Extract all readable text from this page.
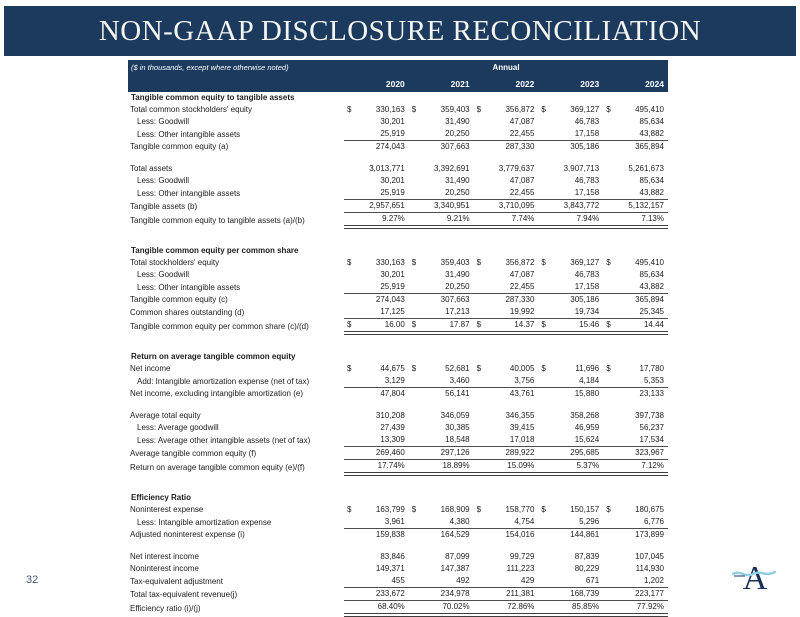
NON-GAAP DISCLOSURE RECONCILIATION
($ in thousands, except where otherwise noted)			Annual		
	2020	2021	2022	2023	2024
Tangible common equity to tangible assets					
Total common stockholders' equity	$ 330,163	$ 359,403	$ 356,872	$ 369,127	$ 495,410

Less: Goodwill	30,201	31,490	47,087	46,783	85,634
Less: Other intangible assets	25,919	20,250	22,455	17,158	43,882
Tangible common equity (a)	274,043	307,663	287,330	305,186	365,894

Total assets	3,013,771	3,392,691	3,779,637	3,907,713	5,261,673
Less: Goodwill	30,201	31,490	47,087	46,783	85,634
Less: Other intangible assets	25,919	20,250	22,455	17,158	43,882
Tangible assets (b)	2,957,651	3,340,951	3,710,095	3,843,772	5,132,157
Tangible common equity to tangible assets (a)/(b)	9.27%	9.21%	7.74%	7.94%	7.13%

Tangible common equity per common share					
Total stockholders' equity	$ 330,163	$ 359,403	$ 356,872	$ 369,127	$ 495,410

Less: Goodwill	30,201	31,490	47,087	46,783	85,634
Less: Other intangible assets	25,919	20,250	22,455	17,158	43,882
Tangible common equity (c)	274,043	307,663	287,330	305,186	365,894
Common shares outstanding (d)	17,125	17,213	19,992	19,734	25,345
Tangible common equity per common share (c)/(d)	$ 16.00	$ 17.87	$ 14.37	$ 15.46	$ 14.44

Return on average tangible common equity					
Net income	$ 44,675	$ 52,681	$ 40,005	$ 11,696	$ 17,780

Add: Intangible amortization expense (net of tax)	3,129	3,460	3,756	4,184	5,353
Net income, excluding intangible amortization (e)	47,804	56,141	43,761	15,880	23,133

Average total equity	310,208	346,059	346,355	358,268	397,738
Less: Average goodwill	27,439	30,385	39,415	46,959	56,237
Less: Average other intangible assets (net of tax)	13,309	18,548	17,018	15,624	17,534
Average tangible common equity (f)	269,460	297,126	289,922	295,685	323,967
Return on average tangible common equity (e)/(f)	17.74%	18.89%	15.09%	5.37%	7.12%

Efficiency Ratio					
Noninterest expense	$ 163,799	$ 168,909	$ 158,770	$ 150,157	$ 180,675

Less: Intangible amortization expense	3,961	4,380	4,754	5,296	6,776
Adjusted noninterest expense (i)	159,838	164,529	154,016	144,861	173,899

Net interest income	83,846	87,099	99,729	87,839	107,045
Noninterest income	149,371	147,387	111,223	80,229	114,930
Tax-equivalent adjustment	455	492	429	671	1,202
Total tax-equivalent revenue(j)	233,672	234,978	211,381	168,739	223,177
Efficiency ratio (i)/(j)	68.40%	70.02%	72.86%	85.85%	77.92%
32	A
